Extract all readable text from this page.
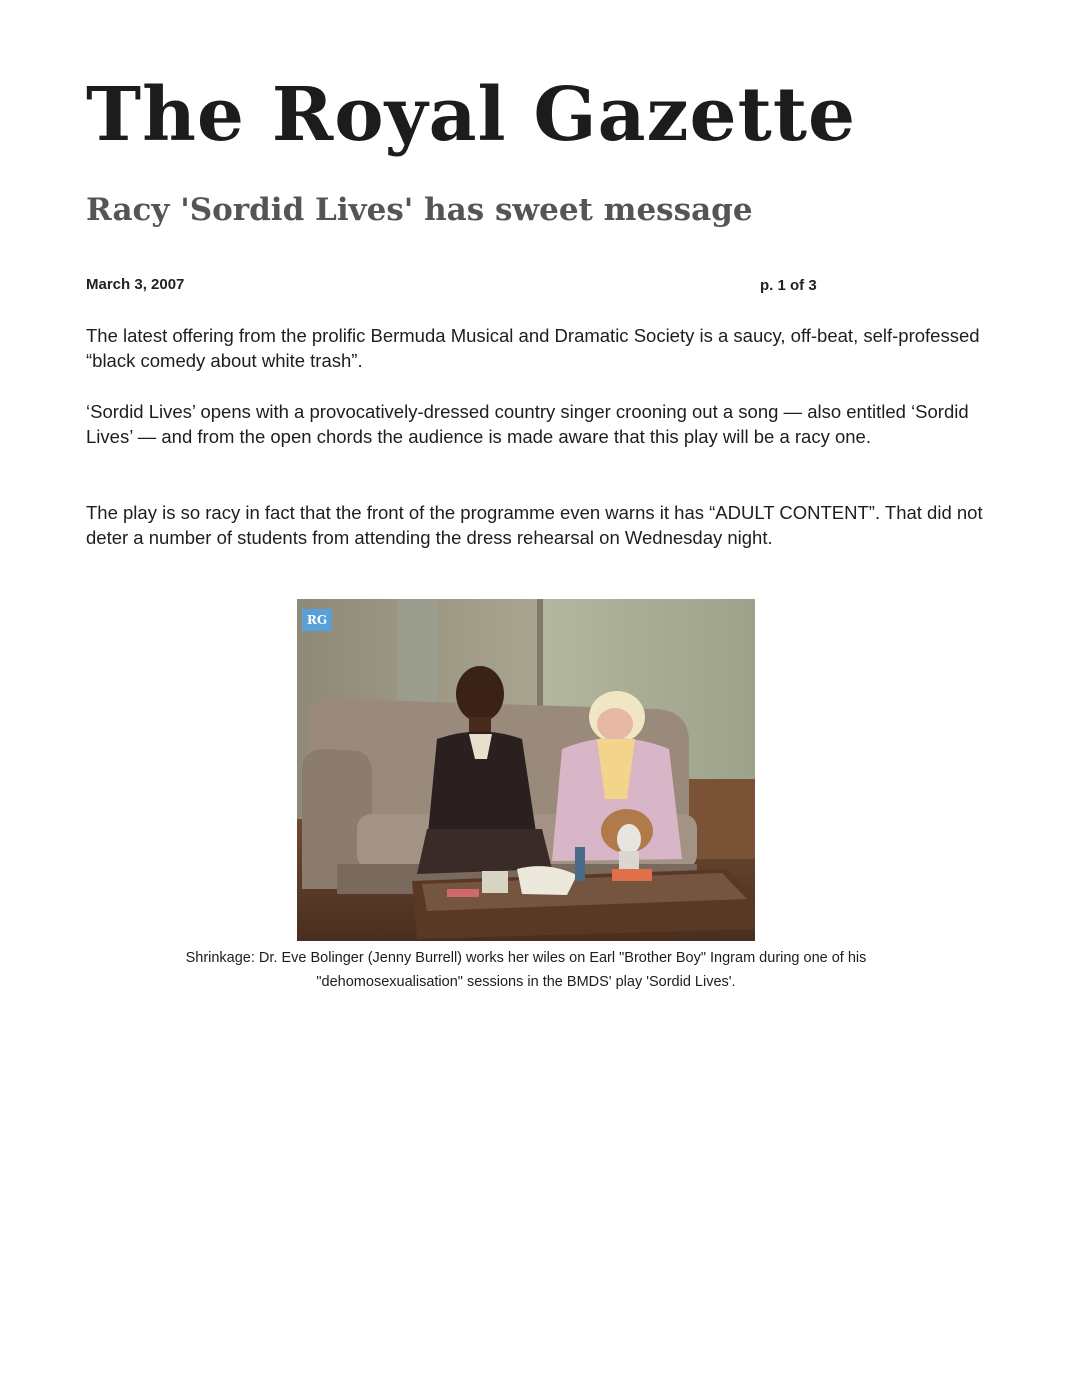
The Royal Gazette
Racy 'Sordid Lives' has sweet message
March 3, 2007	p. 1 of 3

The latest offering from the prolific Bermuda Musical and Dramatic Society is a saucy, off-beat, self-professed “black comedy about white trash”.

‘Sordid Lives’ opens with a provocatively-dressed country singer crooning out a song — also entitled ‘Sordid Lives’ — and from the open chords the audience is made aware that this play will be a racy one.

The play is so racy in fact that the front of the programme even warns it has “ADULT CONTENT”. That did not deter a number of students from attending the dress rehearsal on Wednesday night.

RG

Shrinkage: Dr. Eve Bolinger (Jenny Burrell) works her wiles on Earl "Brother Boy" Ingram during one of his
"dehomosexualisation" sessions in the BMDS' play 'Sordid Lives'.
